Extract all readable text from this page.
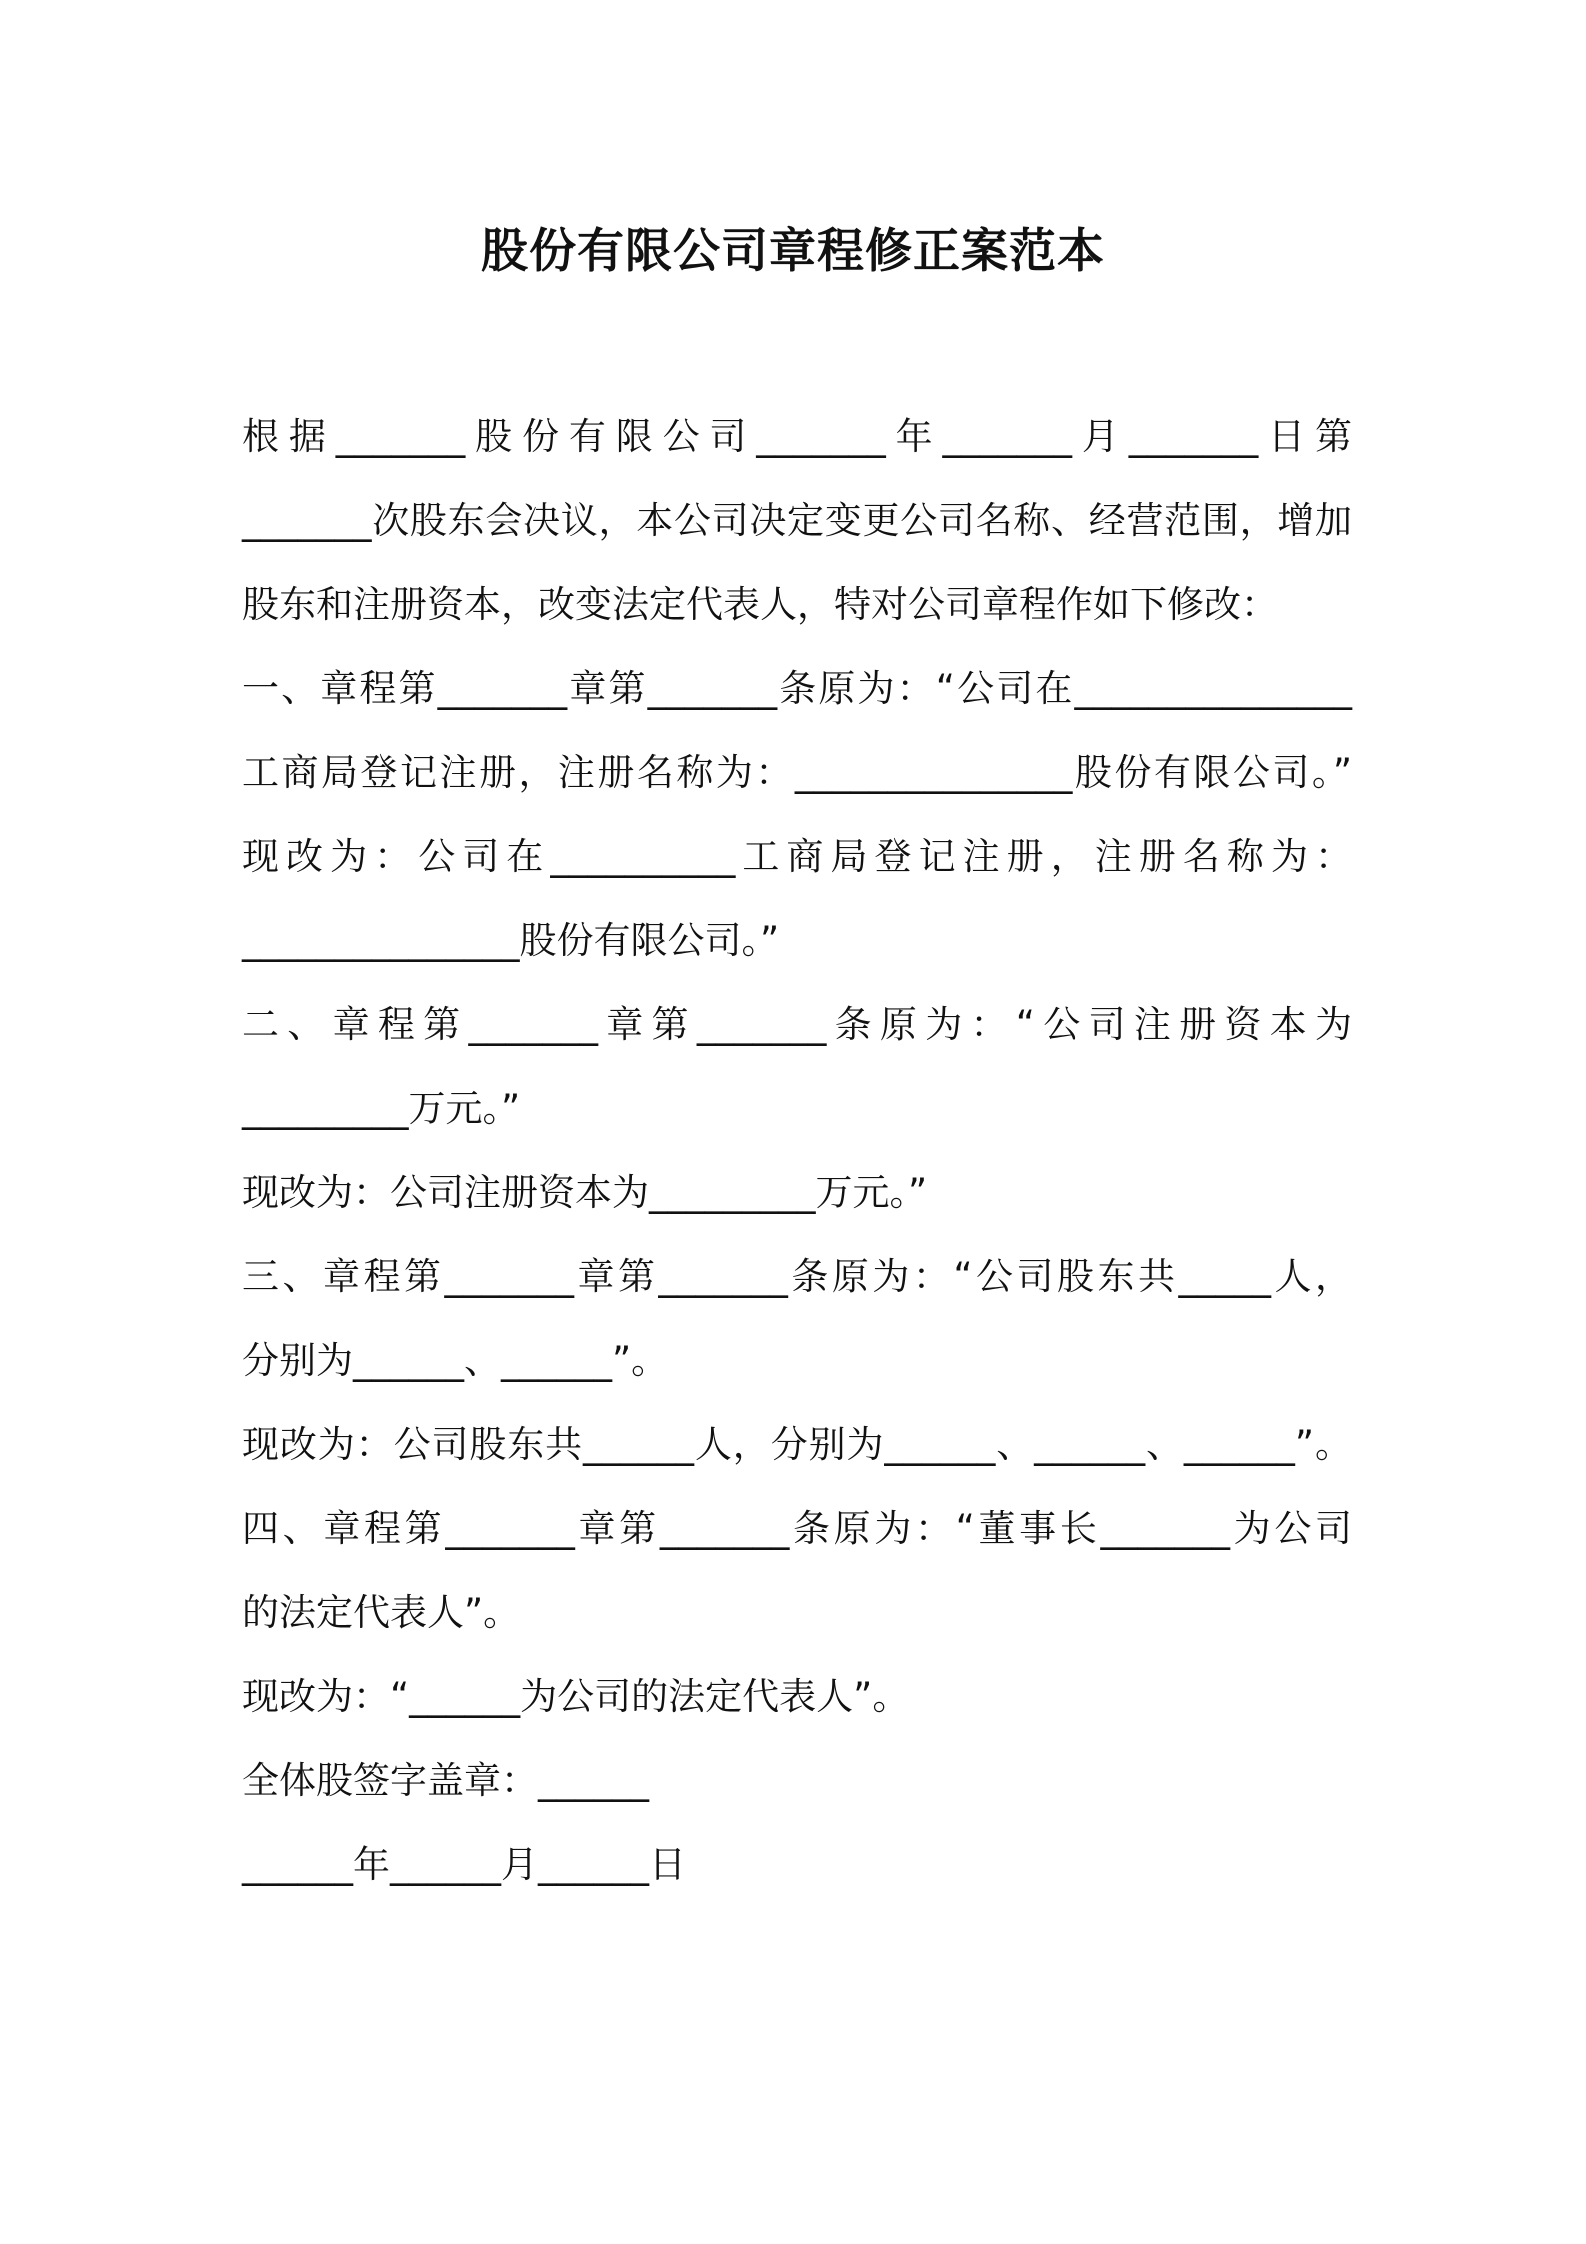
股份有限公司章程修正案范本
根据_______股份有限公司_______年_______月_______日第
_______次股东会决议，本公司决定变更公司名称、经营范围，增加
股东和注册资本，改变法定代表人，特对公司章程作如下修改：
一、章程第_______章第_______条原为：“公司在_______________
工商局登记注册，注册名称为：_______________股份有限公司。”
现改为：公司在__________工商局登记注册，注册名称为：
_______________股份有限公司。”
二、章程第_______章第_______条原为：“公司注册资本为
_________万元。”
现改为：公司注册资本为_________万元。”
三、章程第_______章第_______条原为：“公司股东共_____人，
分别为______、______”。
现改为：公司股东共______人，分别为______、______、______”。
四、章程第_______章第_______条原为：“董事长_______为公司
的法定代表人”。
现改为：“______为公司的法定代表人”。
全体股签字盖章：______
______年______月______日
